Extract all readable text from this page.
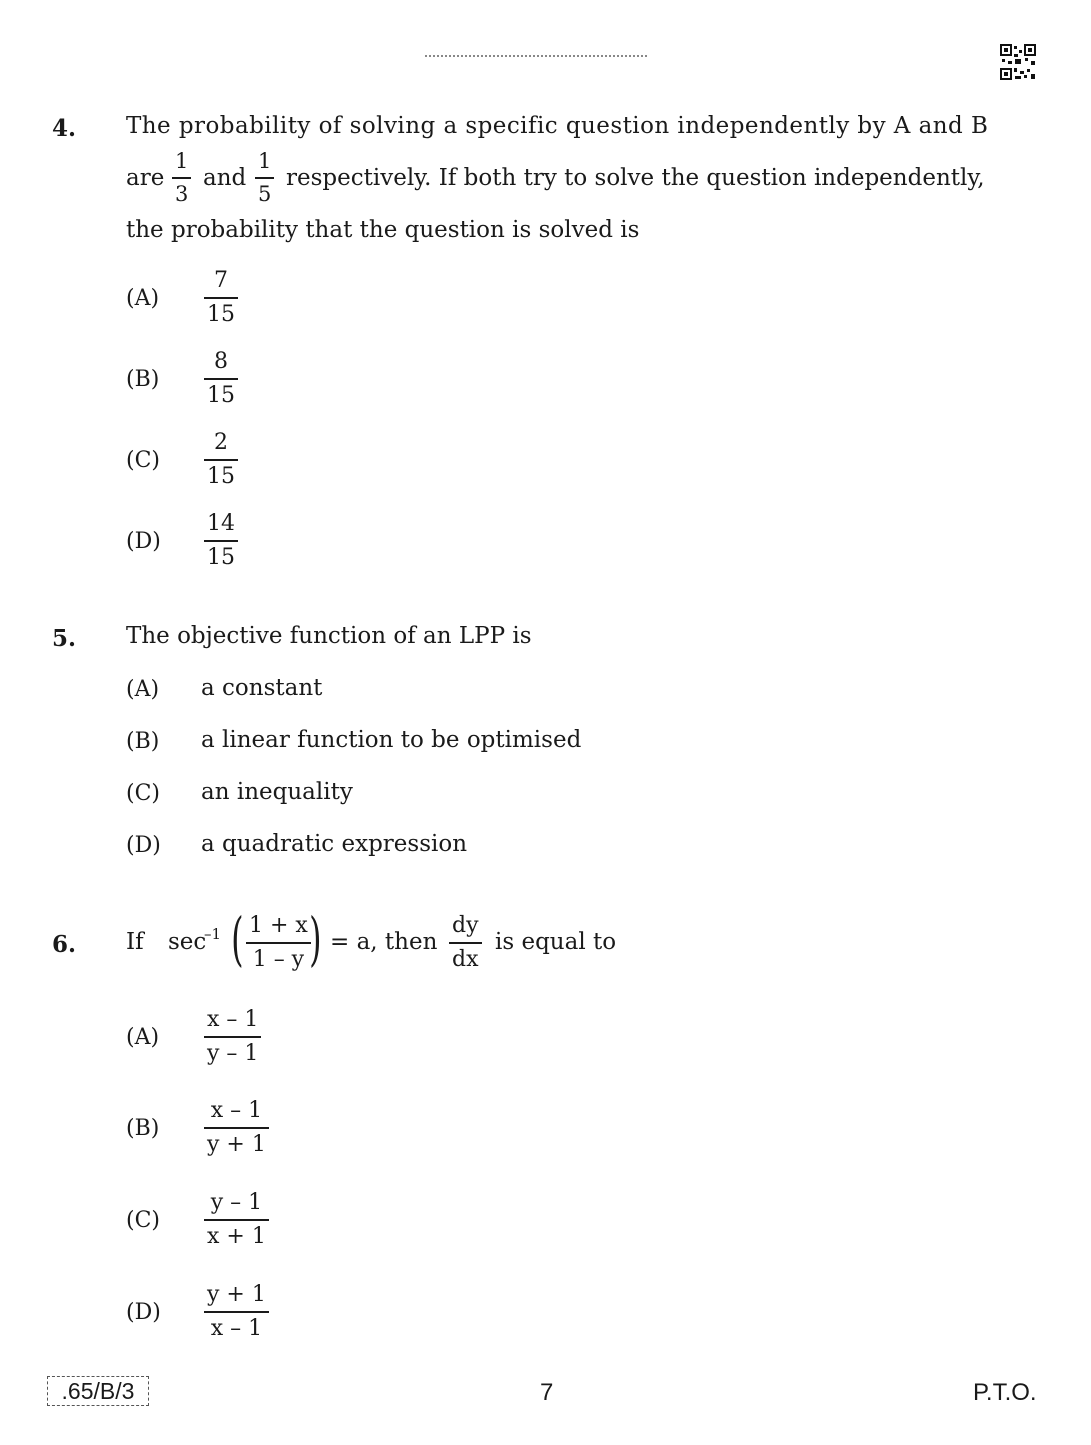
4. The probability of solving a specific question independently by A and B
are
1
3
and
1
5
respectively. If both try to solve the question independently,
the probability that the question is solved is
(A)
7
15
(B)
8
15
(C)
2
15
(D)
14
15
5. The objective function of an LPP is
(A) a constant
(B) a linear function to be optimised
(C) an inequality
(D) a quadratic expression
6. If sec
–1 ( 1 + x
1 – y ) = a, then
dy
dx
is equal to
(A)
x – 1
y – 1
(B)
x – 1
y + 1
(C)
y – 1
x + 1
(D)
y + 1
x – 1
.65/B/3	7	P.T.O.
